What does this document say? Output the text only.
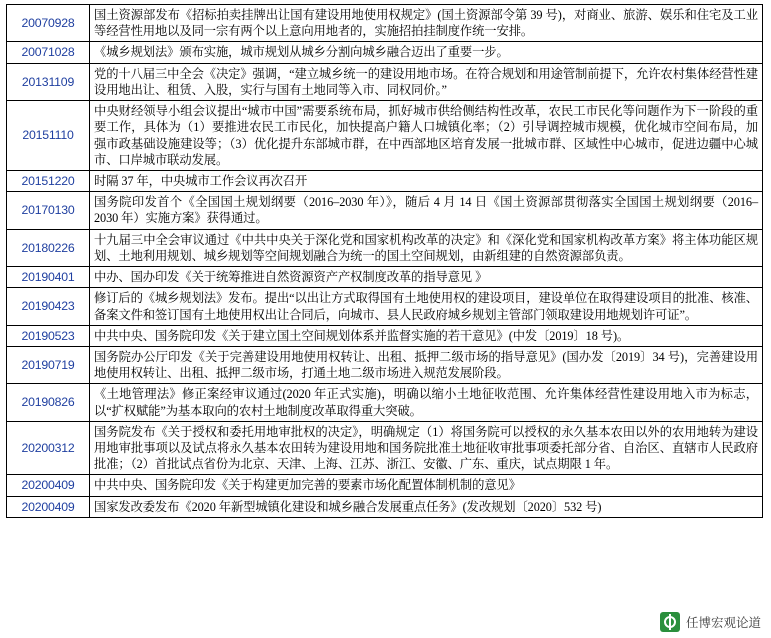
20070928	国土资源部发布《招标拍卖挂牌出让国有建设用地使用权规定》(国土资源部令第 39 号)，对商业、旅游、娱乐和住宅及工业等经营性用地以及同一宗有两个以上意向用地者的，实施招拍挂制度作统一安排。
20071028	《城乡规划法》颁布实施，城市规划从城乡分割向城乡融合迈出了重要一步。
20131109	党的十八届三中全会《决定》强调，“建立城乡统一的建设用地市场。在符合规划和用途管制前提下，允许农村集体经营性建设用地出让、租赁、入股，实行与国有土地同等入市、同权同价。”
20151110	中央财经领导小组会议提出“城市中国”需要系统布局，抓好城市供给侧结构性改革，农民工市民化等问题作为下一阶段的重要工作，具体为（1）要推进农民工市民化，加快提高户籍人口城镇化率；（2）引导调控城市规模，优化城市空间布局，加强市政基础设施建设等；（3）优化提升东部城市群，在中西部地区培育发展一批城市群、区域性中心城市，促进边疆中心城市、口岸城市联动发展。
20151220	时隔 37 年，中央城市工作会议再次召开
20170130	国务院印发首个《全国国土规划纲要（2016–2030 年）》，随后 4 月 14 日《国土资源部贯彻落实全国国土规划纲要（2016–2030 年）实施方案》获得通过。
20180226	十九届三中全会审议通过《中共中央关于深化党和国家机构改革的决定》和《深化党和国家机构改革方案》将主体功能区规划、土地利用规划、城乡规划等空间规划融合为统一的国土空间规划，由新组建的自然资源部负责。
20190401	中办、国办印发《关于统筹推进自然资源资产产权制度改革的指导意见 》
20190423	修订后的《城乡规划法》发布。提出“以出让方式取得国有土地使用权的建设项目，建设单位在取得建设项目的批准、核准、备案文件和签订国有土地使用权出让合同后，向城市、县人民政府城乡规划主管部门领取建设用地规划许可证”。
20190523	中共中央、国务院印发《关于建立国土空间规划体系并监督实施的若干意见》(中发〔2019〕18 号)。
20190719	国务院办公厅印发《关于完善建设用地使用权转让、出租、抵押二级市场的指导意见》(国办发〔2019〕34 号)，完善建设用地使用权转让、出租、抵押二级市场，打通土地二级市场进入规范发展阶段。
20190826	《土地管理法》修正案经审议通过(2020 年正式实施)，明确以缩小土地征收范围、允许集体经营性建设用地入市为标志，以“扩权赋能”为基本取向的农村土地制度改革取得重大突破。
20200312	国务院发布《关于授权和委托用地审批权的决定》，明确规定（1）将国务院可以授权的永久基本农田以外的农用地转为建设用地审批事项以及试点将永久基本农田转为建设用地和国务院批准土地征收审批事项委托部分省、自治区、直辖市人民政府批准；（2）首批试点省份为北京、天津、上海、江苏、浙江、安徽、广东、重庆，试点期限 1 年。
20200409	中共中央、国务院印发《关于构建更加完善的要素市场化配置体制机制的意见》
20200409	国家发改委发布《2020 年新型城镇化建设和城乡融合发展重点任务》(发改规划〔2020〕532 号)
任博宏观论道
